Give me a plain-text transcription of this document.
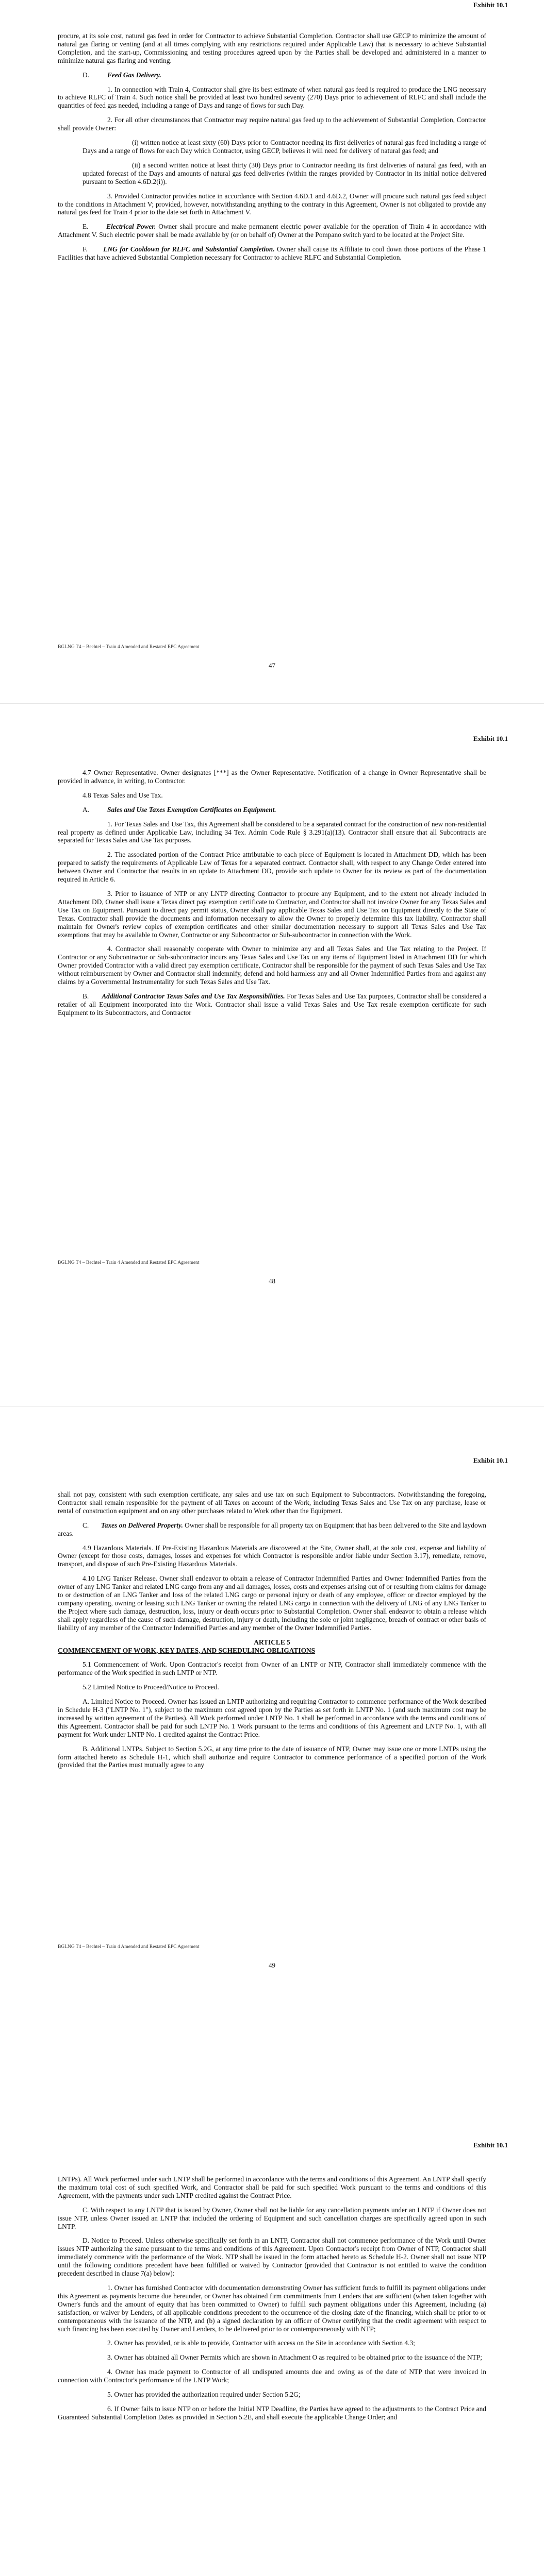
Exhibit 10.1

procure, at its sole cost, natural gas feed in order for Contractor to achieve Substantial Completion. Contractor shall use GECP to minimize the amount of natural gas flaring or venting (and at all times complying with any restrictions required under Applicable Law) that is necessary to achieve Substantial Completion, and the start-up, Commissioning and testing procedures agreed upon by the Parties shall be developed and administered in a manner to minimize natural gas flaring and venting.

D.	Feed Gas Delivery.

1. In connection with Train 4, Contractor shall give its best estimate of when natural gas feed is required to produce the LNG necessary to achieve RLFC of Train 4. Such notice shall be provided at least two hundred seventy (270) Days prior to achievement of RLFC and shall include the quantities of feed gas needed, including a range of Days and range of flows for such Day.

2. For all other circumstances that Contractor may require natural gas feed up to the achievement of Substantial Completion, Contractor shall provide Owner:

(i) written notice at least sixty (60) Days prior to Contractor needing its first deliveries of natural gas feed including a range of Days and a range of flows for each Day which Contractor, using GECP, believes it will need for delivery of natural gas feed; and

(ii) a second written notice at least thirty (30) Days prior to Contractor needing its first deliveries of natural gas feed, with an updated forecast of the Days and amounts of natural gas feed deliveries (within the ranges provided by Contractor in its initial notice delivered pursuant to Section 4.6D.2(i)).

3. Provided Contractor provides notice in accordance with Section 4.6D.1 and 4.6D.2, Owner will procure such natural gas feed subject to the conditions in Attachment V; provided, however, notwithstanding anything to the contrary in this Agreement, Owner is not obligated to provide any natural gas feed for Train 4 prior to the date set forth in Attachment V.

E.	Electrical Power. Owner shall procure and make permanent electric power available for the operation of Train 4 in accordance with Attachment V. Such electric power shall be made available by (or on behalf of) Owner at the Pompano switch yard to be located at the Project Site.

F. LNG for Cooldown for RLFC and Substantial Completion. Owner shall cause its Affiliate to cool down those portions of the Phase 1 Facilities that have achieved Substantial Completion necessary for Contractor to achieve RLFC and Substantial Completion.

BGLNG T4 – Bechtel – Train 4 Amended and Restated EPC Agreement
47
Exhibit 10.1

4.7 Owner Representative. Owner designates [***] as the Owner Representative. Notification of a change in Owner Representative shall be provided in advance, in writing, to Contractor.

4.8 Texas Sales and Use Tax.

A.	Sales and Use Taxes Exemption Certificates on Equipment.

1. For Texas Sales and Use Tax, this Agreement shall be considered to be a separated contract for the construction of new non-residential real property as defined under Applicable Law, including 34 Tex. Admin Code Rule § 3.291(a)(13). Contractor shall ensure that all Subcontracts are separated for Texas Sales and Use Tax purposes.

2. The associated portion of the Contract Price attributable to each piece of Equipment is located in Attachment DD, which has been prepared to satisfy the requirements of Applicable Law of Texas for a separated contract. Contractor shall, with respect to any Change Order entered into between Owner and Contractor that results in an update to Attachment DD, provide such update to Owner for its review as part of the documentation required in Article 6.

3. Prior to issuance of NTP or any LNTP directing Contractor to procure any Equipment, and to the extent not already included in Attachment DD, Owner shall issue a Texas direct pay exemption certificate to Contractor, and Contractor shall not invoice Owner for any Texas Sales and Use Tax on Equipment. Pursuant to direct pay permit status, Owner shall pay applicable Texas Sales and Use Tax on Equipment directly to the State of Texas. Contractor shall provide the documents and information necessary to allow the Owner to properly determine this tax liability. Contractor shall maintain for Owner's review copies of exemption certificates and other similar documentation necessary to support all Texas Sales and Use Tax exemptions that may be available to Owner, Contractor or any Subcontractor or Sub-subcontractor in connection with the Work.

4. Contractor shall reasonably cooperate with Owner to minimize any and all Texas Sales and Use Tax relating to the Project. If Contractor or any Subcontractor or Sub-subcontractor incurs any Texas Sales and Use Tax on any items of Equipment listed in Attachment DD for which Owner provided Contractor with a valid direct pay exemption certificate, Contractor shall be responsible for the payment of such Texas Sales and Use Tax without reimbursement by Owner and Contractor shall indemnify, defend and hold harmless any and all Owner Indemnified Parties from and against any claims by a Governmental Instrumentality for such Texas Sales and Use Tax.

B. Additional Contractor Texas Sales and Use Tax Responsibilities. For Texas Sales and Use Tax purposes, Contractor shall be considered a retailer of all Equipment incorporated into the Work. Contractor shall issue a valid Texas Sales and Use Tax resale exemption certificate for such Equipment to its Subcontractors, and Contractor

BGLNG T4 – Bechtel – Train 4 Amended and Restated EPC Agreement
48
Exhibit 10.1

shall not pay, consistent with such exemption certificate, any sales and use tax on such Equipment to Subcontractors. Notwithstanding the foregoing, Contractor shall remain responsible for the payment of all Taxes on account of the Work, including Texas Sales and Use Tax on any purchase, lease or rental of construction equipment and on any other purchases related to Work other than the Equipment.

C. Taxes on Delivered Property. Owner shall be responsible for all property tax on Equipment that has been delivered to the Site and laydown areas.

4.9 Hazardous Materials. If Pre-Existing Hazardous Materials are discovered at the Site, Owner shall, at the sole cost, expense and liability of Owner (except for those costs, damages, losses and expenses for which Contractor is responsible and/or liable under Section 3.17), remediate, remove, transport, and dispose of such Pre-Existing Hazardous Materials.

4.10 LNG Tanker Release. Owner shall endeavor to obtain a release of Contractor Indemnified Parties and Owner Indemnified Parties from the owner of any LNG Tanker and related LNG cargo from any and all damages, losses, costs and expenses arising out of or resulting from claims for damage to or destruction of an LNG Tanker and loss of the related LNG cargo or personal injury or death of any employee, officer or director employed by the company operating, owning or leasing such LNG Tanker or owning the related LNG cargo in connection with the delivery of LNG of any LNG Tanker to the Project where such damage, destruction, loss, injury or death occurs prior to Substantial Completion. Owner shall endeavor to obtain a release which shall apply regardless of the cause of such damage, destruction, injury or death, including the sole or joint negligence, breach of contract or other basis of liability of any member of the Contractor Indemnified Parties and any member of the Owner Indemnified Parties.

ARTICLE 5

COMMENCEMENT OF WORK, KEY DATES, AND SCHEDULING OBLIGATIONS

5.1 Commencement of Work. Upon Contractor's receipt from Owner of an LNTP or NTP, Contractor shall immediately commence with the performance of the Work specified in such LNTP or NTP.

5.2 Limited Notice to Proceed/Notice to Proceed.

A. Limited Notice to Proceed. Owner has issued an LNTP authorizing and requiring Contractor to commence performance of the Work described in Schedule H-3 ("LNTP No. 1"), subject to the maximum cost agreed upon by the Parties as set forth in LNTP No. 1 (and such maximum cost may be increased by written agreement of the Parties). All Work performed under LNTP No. 1 shall be performed in accordance with the terms and conditions of this Agreement. Contractor shall be paid for such LNTP No. 1 Work pursuant to the terms and conditions of this Agreement and LNTP No. 1, with all payment for Work under LNTP No. 1 credited against the Contract Price.

B. Additional LNTPs. Subject to Section 5.2G, at any time prior to the date of issuance of NTP, Owner may issue one or more LNTPs using the form attached hereto as Schedule H-1, which shall authorize and require Contractor to commence performance of a specified portion of the Work (provided that the Parties must mutually agree to any

BGLNG T4 – Bechtel – Train 4 Amended and Restated EPC Agreement
49
Exhibit 10.1

LNTPs). All Work performed under such LNTP shall be performed in accordance with the terms and conditions of this Agreement. An LNTP shall specify the maximum total cost of such specified Work, and Contractor shall be paid for such specified Work pursuant to the terms and conditions of this Agreement, with the payments under such LNTP credited against the Contract Price.

C. With respect to any LNTP that is issued by Owner, Owner shall not be liable for any cancellation payments under an LNTP if Owner does not issue NTP, unless Owner issued an LNTP that included the ordering of Equipment and such cancellation charges are specifically agreed upon in such LNTP.

D. Notice to Proceed. Unless otherwise specifically set forth in an LNTP, Contractor shall not commence performance of the Work until Owner issues NTP authorizing the same pursuant to the terms and conditions of this Agreement. Upon Contractor's receipt from Owner of NTP, Contractor shall immediately commence with the performance of the Work. NTP shall be issued in the form attached hereto as Schedule H-2. Owner shall not issue NTP until the following conditions precedent have been fulfilled or waived by Contractor (provided that Contractor is not entitled to waive the condition precedent described in clause 7(a) below):

1. Owner has furnished Contractor with documentation demonstrating Owner has sufficient funds to fulfill its payment obligations under this Agreement as payments become due hereunder, or Owner has obtained firm commitments from Lenders that are sufficient (when taken together with Owner's funds and the amount of equity that has been committed to Owner) to fulfill such payment obligations under this Agreement, including (a) satisfaction, or waiver by Lenders, of all applicable conditions precedent to the occurrence of the closing date of the financing, which shall be prior to or contemporaneous with the issuance of the NTP, and (b) a signed declaration by an officer of Owner certifying that the credit agreement with respect to such financing has been executed by Owner and Lenders, to be delivered prior to or contemporaneously with NTP;

2. Owner has provided, or is able to provide, Contractor with access on the Site in accordance with Section 4.3;

3. Owner has obtained all Owner Permits which are shown in Attachment O as required to be obtained prior to the issuance of the NTP;

4. Owner has made payment to Contractor of all undisputed amounts due and owing as of the date of NTP that were invoiced in connection with Contractor's performance of the LNTP Work;

5. Owner has provided the authorization required under Section 5.2G;

6. If Owner fails to issue NTP on or before the Initial NTP Deadline, the Parties have agreed to the adjustments to the Contract Price and Guaranteed Substantial Completion Dates as provided in Section 5.2E, and shall execute the applicable Change Order; and
